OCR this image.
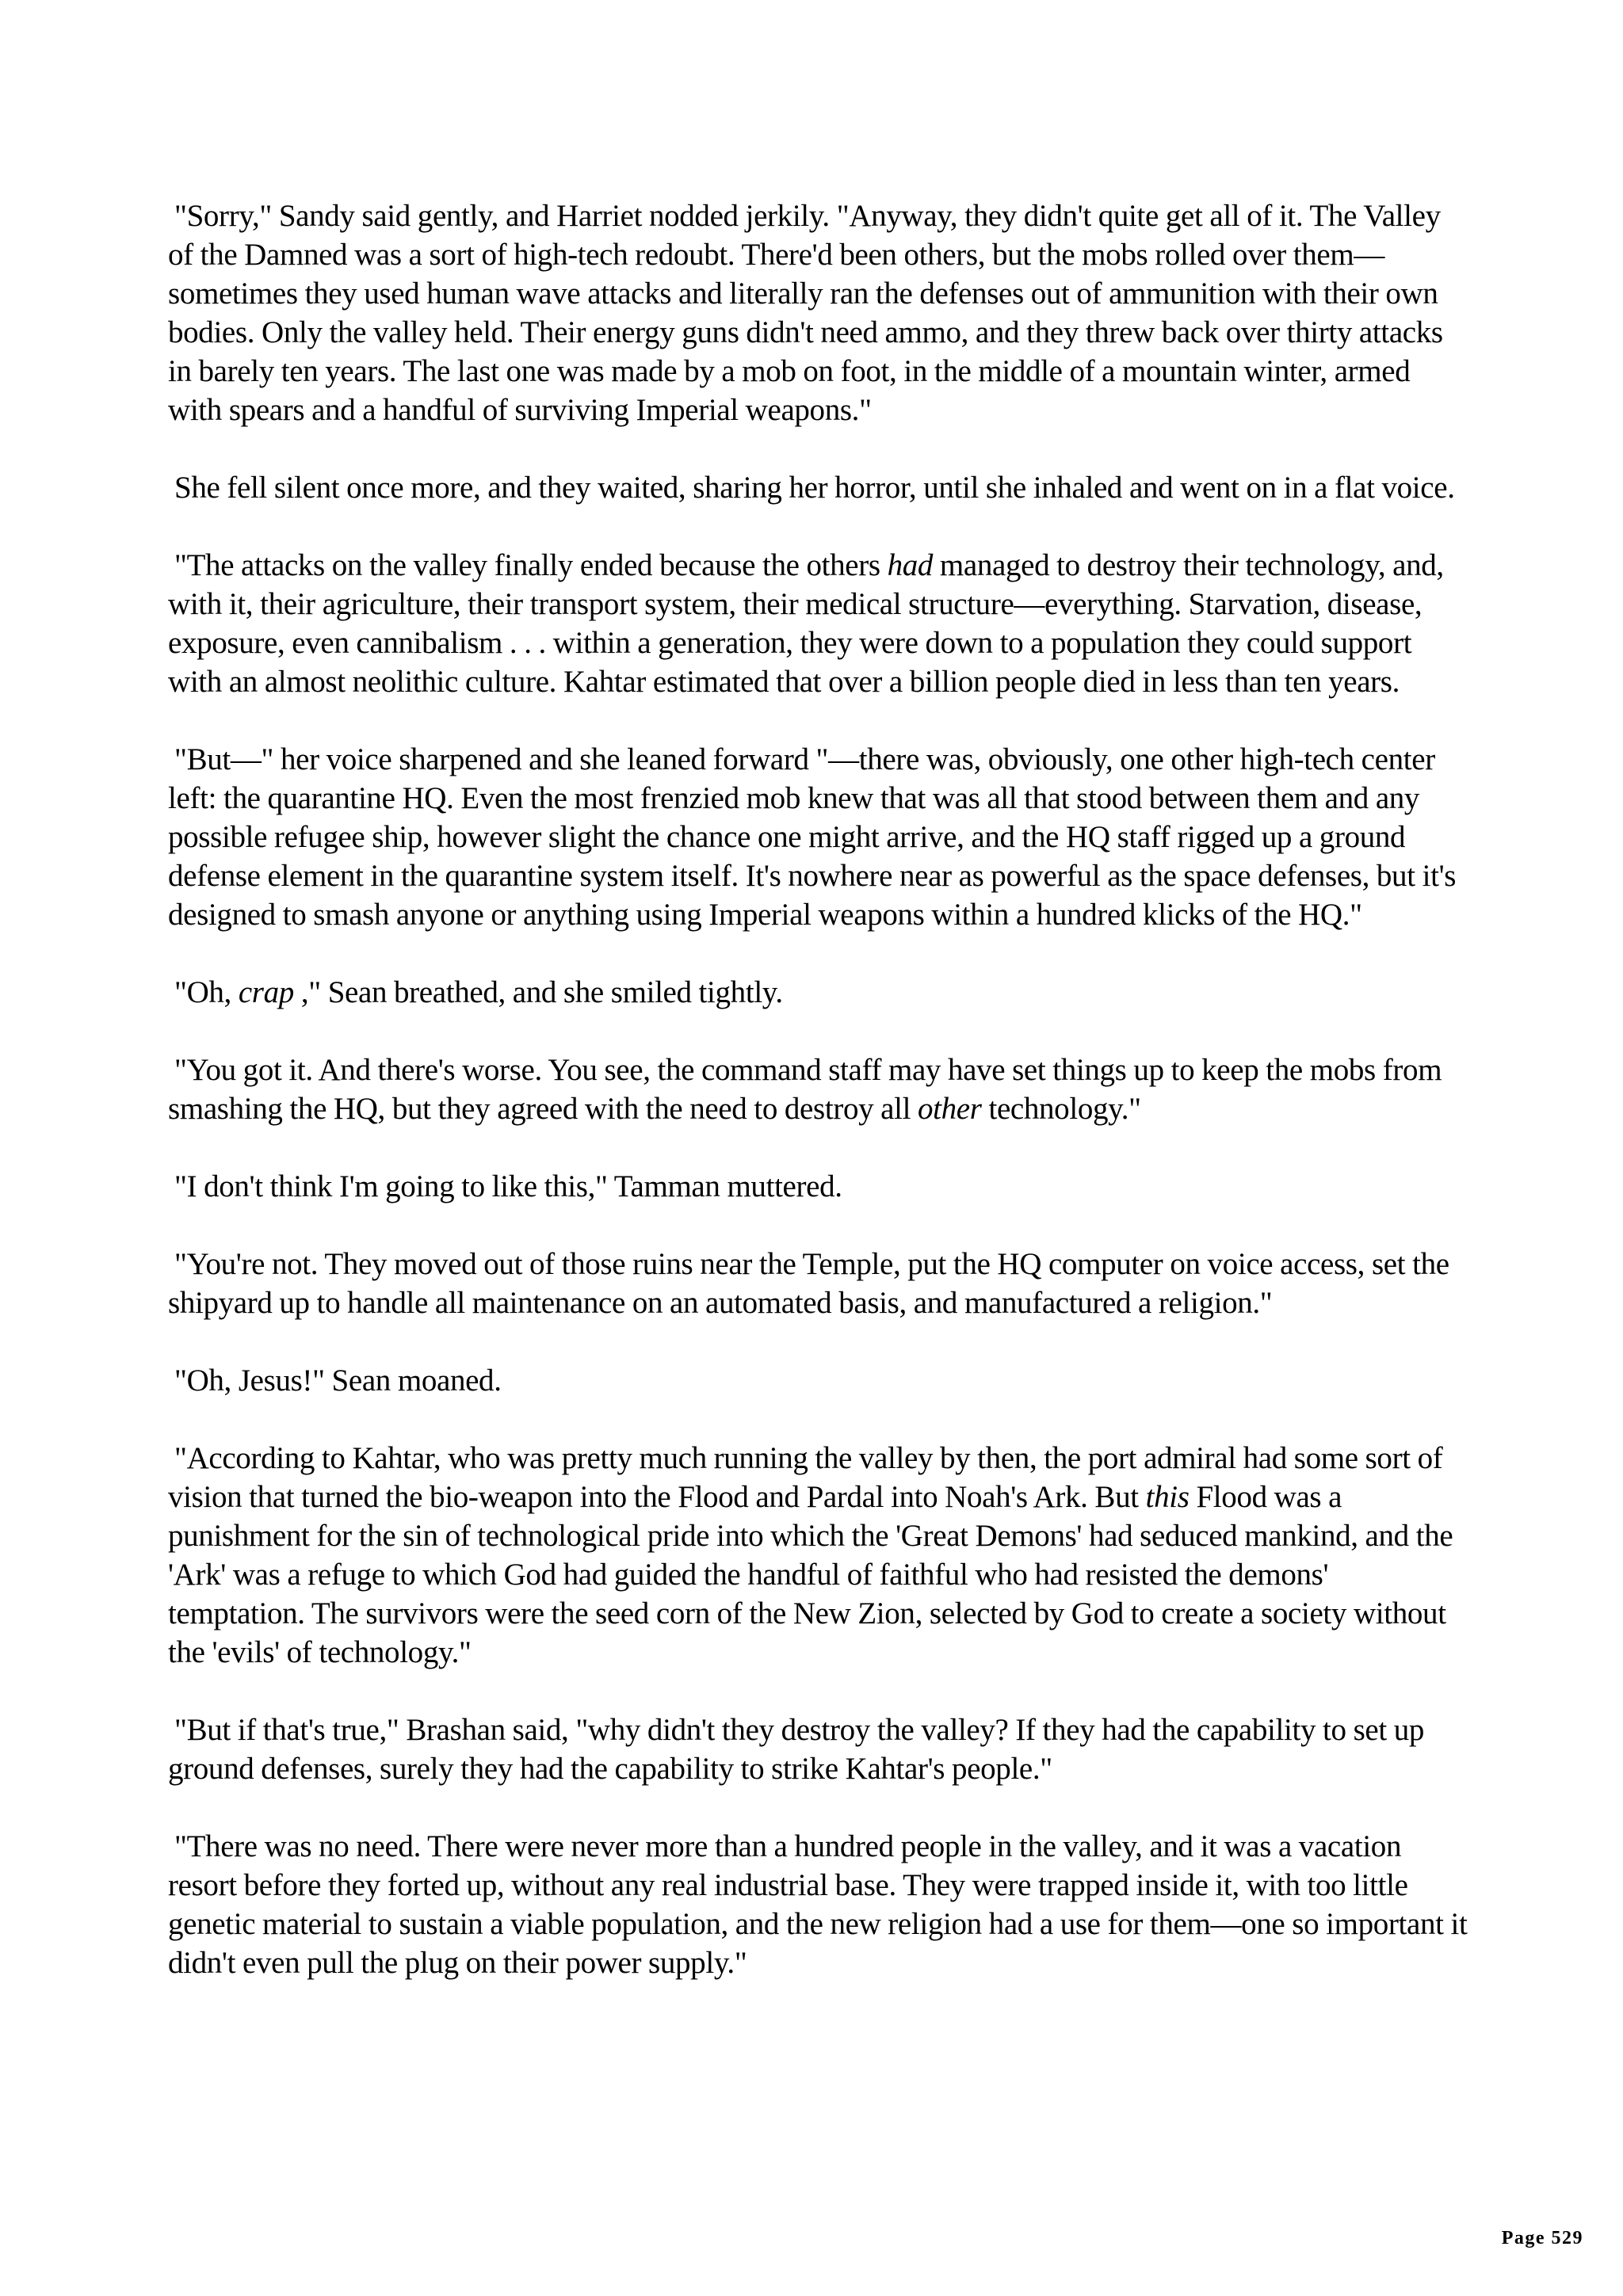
"Sorry," Sandy said gently, and Harriet nodded jerkily. "Anyway, they didn't quite get all of it. The Valley of the Damned was a sort of high-tech redoubt. There'd been others, but the mobs rolled over them—sometimes they used human wave attacks and literally ran the defenses out of ammunition with their own bodies. Only the valley held. Their energy guns didn't need ammo, and they threw back over thirty attacks in barely ten years. The last one was made by a mob on foot, in the middle of a mountain winter, armed with spears and a handful of surviving Imperial weapons."

She fell silent once more, and they waited, sharing her horror, until she inhaled and went on in a flat voice.

"The attacks on the valley finally ended because the others had managed to destroy their technology, and, with it, their agriculture, their transport system, their medical structure—everything. Starvation, disease, exposure, even cannibalism . . . within a generation, they were down to a population they could support with an almost neolithic culture. Kahtar estimated that over a billion people died in less than ten years.

"But—" her voice sharpened and she leaned forward "—there was, obviously, one other high-tech center left: the quarantine HQ. Even the most frenzied mob knew that was all that stood between them and any possible refugee ship, however slight the chance one might arrive, and the HQ staff rigged up a ground defense element in the quarantine system itself. It's nowhere near as powerful as the space defenses, but it's designed to smash anyone or anything using Imperial weapons within a hundred klicks of the HQ."

"Oh, crap ," Sean breathed, and she smiled tightly.

"You got it. And there's worse. You see, the command staff may have set things up to keep the mobs from smashing the HQ, but they agreed with the need to destroy all other technology."

"I don't think I'm going to like this," Tamman muttered.

"You're not. They moved out of those ruins near the Temple, put the HQ computer on voice access, set the shipyard up to handle all maintenance on an automated basis, and manufactured a religion."

"Oh, Jesus!" Sean moaned.

"According to Kahtar, who was pretty much running the valley by then, the port admiral had some sort of vision that turned the bio-weapon into the Flood and Pardal into Noah's Ark. But this Flood was a punishment for the sin of technological pride into which the 'Great Demons' had seduced mankind, and the 'Ark' was a refuge to which God had guided the handful of faithful who had resisted the demons' temptation. The survivors were the seed corn of the New Zion, selected by God to create a society without the 'evils' of technology."

"But if that's true," Brashan said, "why didn't they destroy the valley? If they had the capability to set up ground defenses, surely they had the capability to strike Kahtar's people."

"There was no need. There were never more than a hundred people in the valley, and it was a vacation resort before they forted up, without any real industrial base. They were trapped inside it, with too little genetic material to sustain a viable population, and the new religion had a use for them—one so important it didn't even pull the plug on their power supply."

Page 529
